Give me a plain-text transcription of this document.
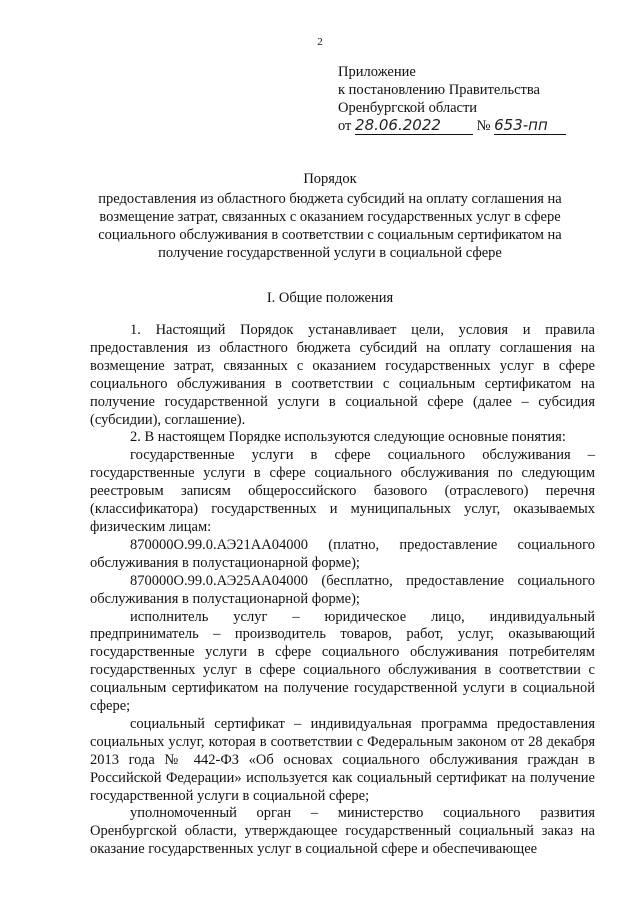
2
Приложение
к постановлению Правительства
Оренбургской области
от 28.06.2022 № 653-пп
Порядок
предоставления из областного бюджета субсидий на оплату соглашения на возмещение затрат, связанных с оказанием государственных услуг в сфере социального обслуживания в соответствии с социальным сертификатом на получение государственной услуги в социальной сфере
I. Общие положения

1. Настоящий Порядок устанавливает цели, условия и правила предоставления из областного бюджета субсидий на оплату соглашения на возмещение затрат, связанных с оказанием государственных услуг в сфере социального обслуживания в соответствии с социальным сертификатом на получение государственной услуги в социальной сфере (далее – субсидия (субсидии), соглашение).

2. В настоящем Порядке используются следующие основные понятия:

государственные услуги в сфере социального обслуживания – государственные услуги в сфере социального обслуживания по следующим реестровым записям общероссийского базового (отраслевого) перечня (классификатора) государственных и муниципальных услуг, оказываемых физическим лицам:

870000О.99.0.АЭ21АА04000 (платно, предоставление социального обслуживания в полустационарной форме);

870000О.99.0.АЭ25АА04000 (бесплатно, предоставление социального обслуживания в полустационарной форме);

исполнитель услуг – юридическое лицо, индивидуальный предприниматель – производитель товаров, работ, услуг, оказывающий государственные услуги в сфере социального обслуживания потребителям государственных услуг в сфере социального обслуживания в соответствии с социальным сертификатом на получение государственной услуги в социальной сфере;

социальный сертификат – индивидуальная программа предоставления социальных услуг, которая в соответствии с Федеральным законом от 28 декабря 2013 года № 442-ФЗ «Об основах социального обслуживания граждан в Российской Федерации» используется как социальный сертификат на получение государственной услуги в социальной сфере;

уполномоченный орган – министерство социального развития Оренбургской области, утверждающее государственный социальный заказ на оказание государственных услуг в социальной сфере и обеспечивающее
